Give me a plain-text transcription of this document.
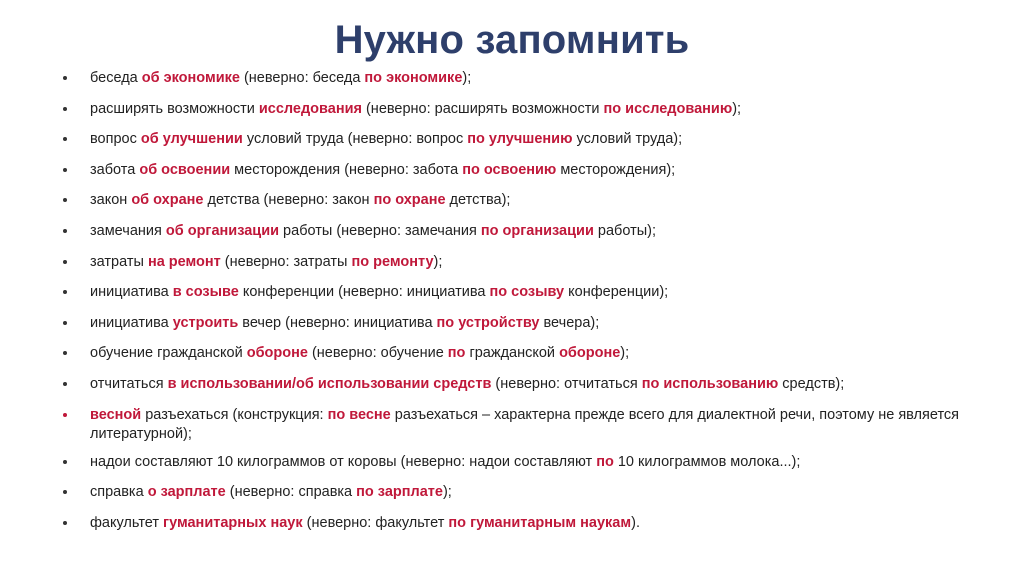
Нужно запомнить
беседа об экономике (неверно: беседа по экономике);
расширять возможности исследования (неверно: расширять возможности по исследованию);
вопрос об улучшении условий труда (неверно: вопрос по улучшению условий труда);
забота об освоении месторождения (неверно: забота по освоению месторождения);
закон об охране детства (неверно: закон по охране детства);
замечания об организации работы (неверно: замечания по организации работы);
затраты на ремонт (неверно: затраты по ремонту);
инициатива в созыве конференции (неверно: инициатива по созыву конференции);
инициатива устроить вечер (неверно: инициатива по устройству вечера);
обучение гражданской обороне (неверно: обучение по гражданской обороне);
отчитаться в использовании/об использовании средств (неверно: отчитаться по использованию средств);
весной разъехаться (конструкция: по весне разъехаться – характерна прежде всего для диалектной речи, поэтому не является литературной);
надои составляют 10 килограммов от коровы (неверно: надои составляют по 10 килограммов молока...);
справка о зарплате (неверно: справка по зарплате);
факультет гуманитарных наук (неверно: факультет по гуманитарным наукам).
